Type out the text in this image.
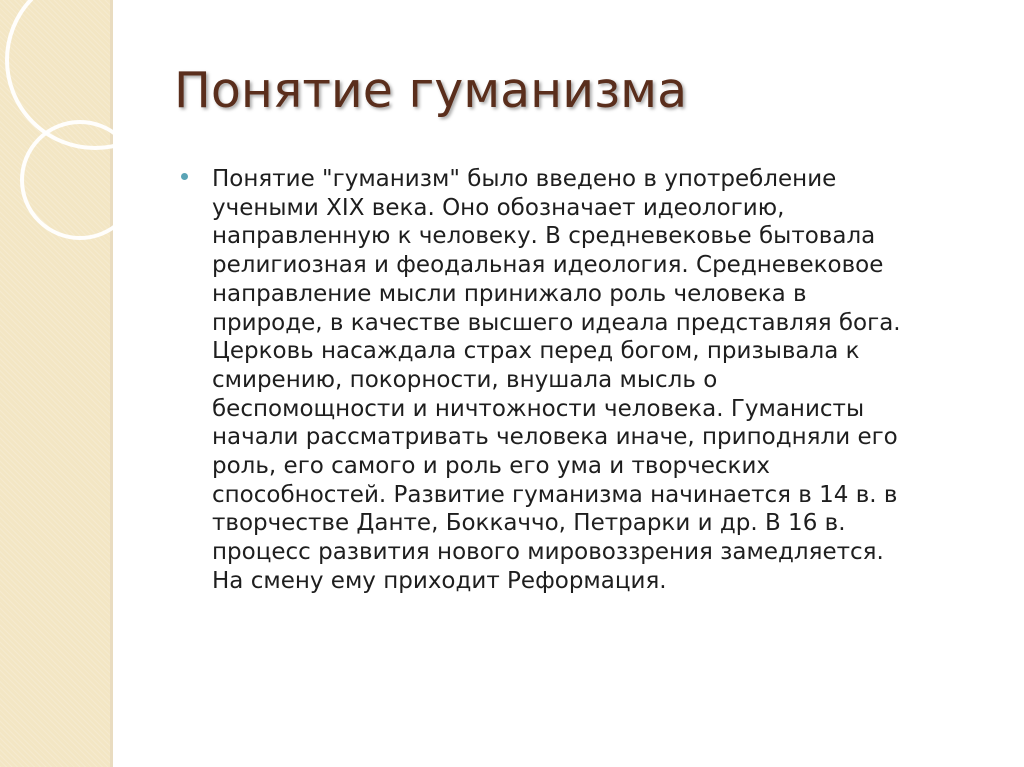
Понятие гуманизма

Понятие "гуманизм" было введено в употребление
учеными XIX века. Оно обозначает идеологию,
направленную к человеку. В средневековье бытовала
религиозная и феодальная идеология. Средневековое
направление мысли принижало роль человека в
природе, в качестве высшего идеала представляя бога.
Церковь насаждала страх перед богом, призывала к
смирению, покорности, внушала мысль о
беспомощности и ничтожности человека. Гуманисты
начали рассматривать человека иначе, приподняли его
роль, его самого и роль его ума и творческих
способностей. Развитие гуманизма начинается в 14 в. в
творчестве Данте, Боккаччо, Петрарки и др. В 16 в.
процесс развития нового мировоззрения замедляется.
На смену ему приходит Реформация.
